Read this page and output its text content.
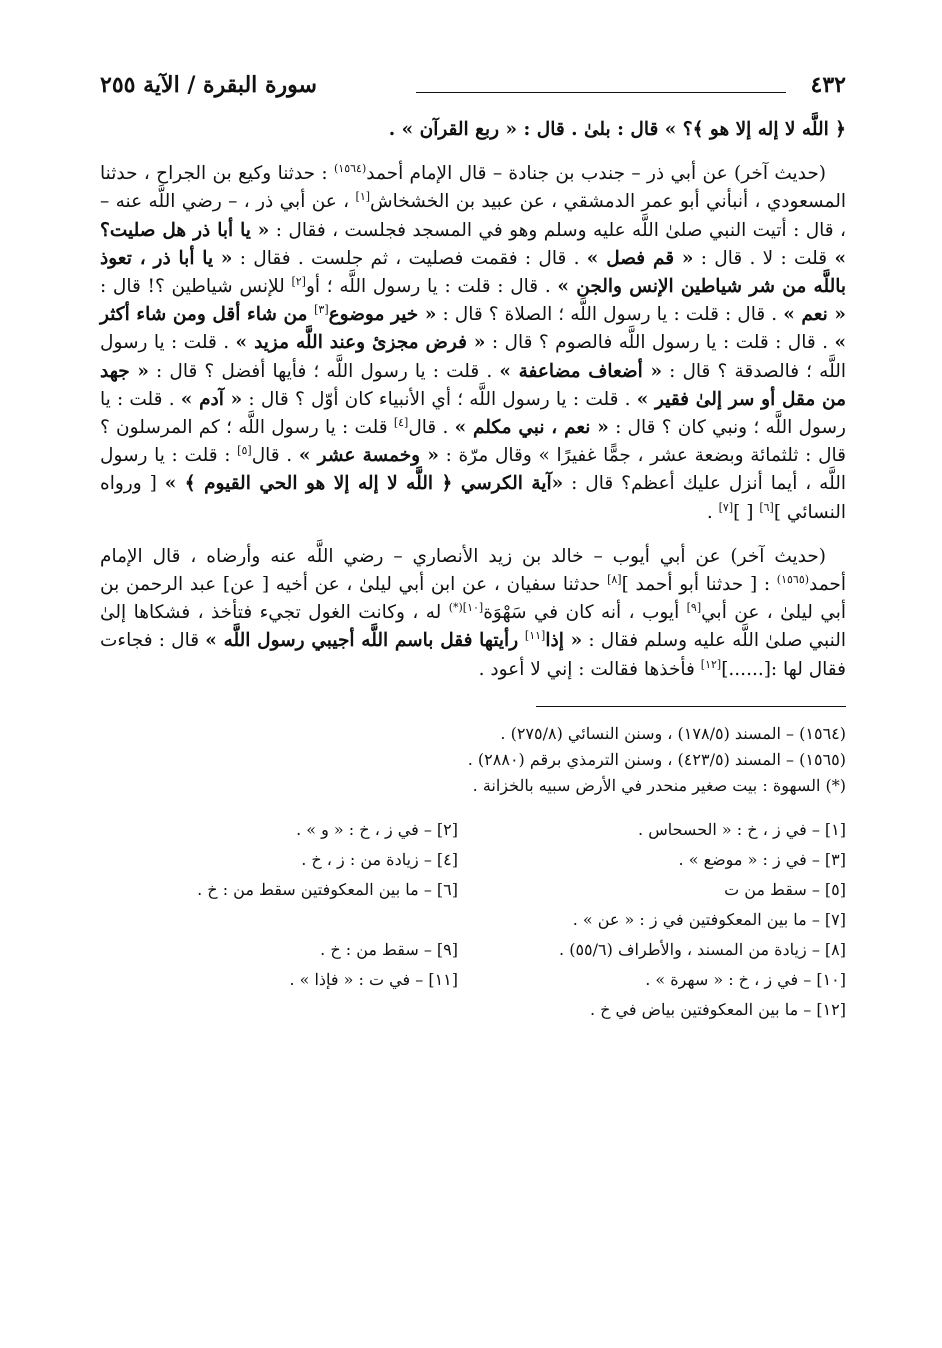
٤٣٢
سورة البقرة / الآية ٢٥٥

﴿ اللَّه لا إله إلا هو ﴾؟ » قال : بلىٰ . قال : « ربع القرآن » .

(حديث آخر) عن أبي ذر – جندب بن جنادة – قال الإمام أحمد$^{(١٥٦٤)}$ : حدثنا وكيع بن الجراح ، حدثنا المسعودي ، أنبأني أبو عمر الدمشقي ، عن عبيد بن الخشخاش[١] ، عن أبي ذر ، – رضي اللَّه عنه – ، قال : أتيت النبي صلىٰ اللَّه عليه وسلم وهو في المسجد فجلست ، فقال : « يا أبا ذر هل صليت؟ » قلت : لا . قال : « قم فصل » . قال : فقمت فصليت ، ثم جلست . فقال : « يا أبا ذر ، تعوذ باللَّه من شر شياطين الإنس والجن » . قال : قلت : يا رسول اللَّه ؛ أو[٢] للإنس شياطين ؟! قال : « نعم » . قال : قلت : يا رسول اللَّه ؛ الصلاة ؟ قال : « خير موضوع[٣] من شاء أقل ومن شاء أكثر » . قال : قلت : يا رسول اللَّه فالصوم ؟ قال : « فرض مجزئ وعند اللَّه مزيد » . قلت : يا رسول اللَّه ؛ فالصدقة ؟ قال : « أضعاف مضاعفة » . قلت : يا رسول اللَّه ؛ فأيها أفضل ؟ قال : « جهد من مقل أو سر إلىٰ فقير » . قلت : يا رسول اللَّه ؛ أي الأنبياء كان أوّل ؟ قال : « آدم » . قلت : يا رسول اللَّه ؛ ونبي كان ؟ قال : « نعم ، نبي مكلم » . قال[٤] قلت : يا رسول اللَّه ؛ كم المرسلون ؟ قال : ثلثمائة وبضعة عشر ، جمًّا غفيرًا » وقال مرّة : « وخمسة عشر » . قال[٥] : قلت : يا رسول اللَّه ، أيما أنزل عليك أعظم؟ قال : «آية الكرسي ﴿ اللَّه لا إله إلا هو الحي القيوم ﴾ » [ ورواه النسائي ][٦] [ ][٧] .

(حديث آخر) عن أبي أيوب – خالد بن زيد الأنصاري – رضي اللَّه عنه وأرضاه ، قال الإمام أحمد$^{(١٥٦٥)}$ : [ حدثنا أبو أحمد ][٨] حدثنا سفيان ، عن ابن أبي ليلىٰ ، عن أخيه [ عن] عبد الرحمن بن أبي ليلىٰ ، عن أبي[٩] أيوب ، أنه كان في سَهْوَة$^{[١٠](*)}$ له ، وكانت الغول تجيء فتأخذ ، فشكاها إلىٰ النبي صلىٰ اللَّه عليه وسلم فقال : « إذا[١١] رأيتها فقل باسم اللَّه أجيبي رسول اللَّه » قال : فجاءت فقال لها :[......][١٢] فأخذها فقالت : إني لا أعود .

(١٥٦٤) – المسند (١٧٨/٥) ، وسنن النسائي (٢٧٥/٨) .

(١٥٦٥) – المسند (٤٢٣/٥) ، وسنن الترمذي برقم (٢٨٨٠) .

(*) السهوة : بيت صغير منحدر في الأرض سبيه بالخزانة .

[١] – في ز ، خ : « الحسحاس .
[٢] – في ز ، خ : « و » .
[٣] – في ز : « موضع » .
[٤] – زيادة من : ز ، خ .
[٥] – سقط من ت
[٦] – ما بين المعكوفتين سقط من : خ .
[٧] – ما بين المعكوفتين في ز : « عن » .
[٨] – زيادة من المسند ، والأطراف (٥٥/٦) .
[٩] – سقط من : خ .
[١٠] – في ز ، خ : « سهرة » .
[١١] – في ت : « فإذا » .
[١٢] – ما بين المعكوفتين بياض في خ .
